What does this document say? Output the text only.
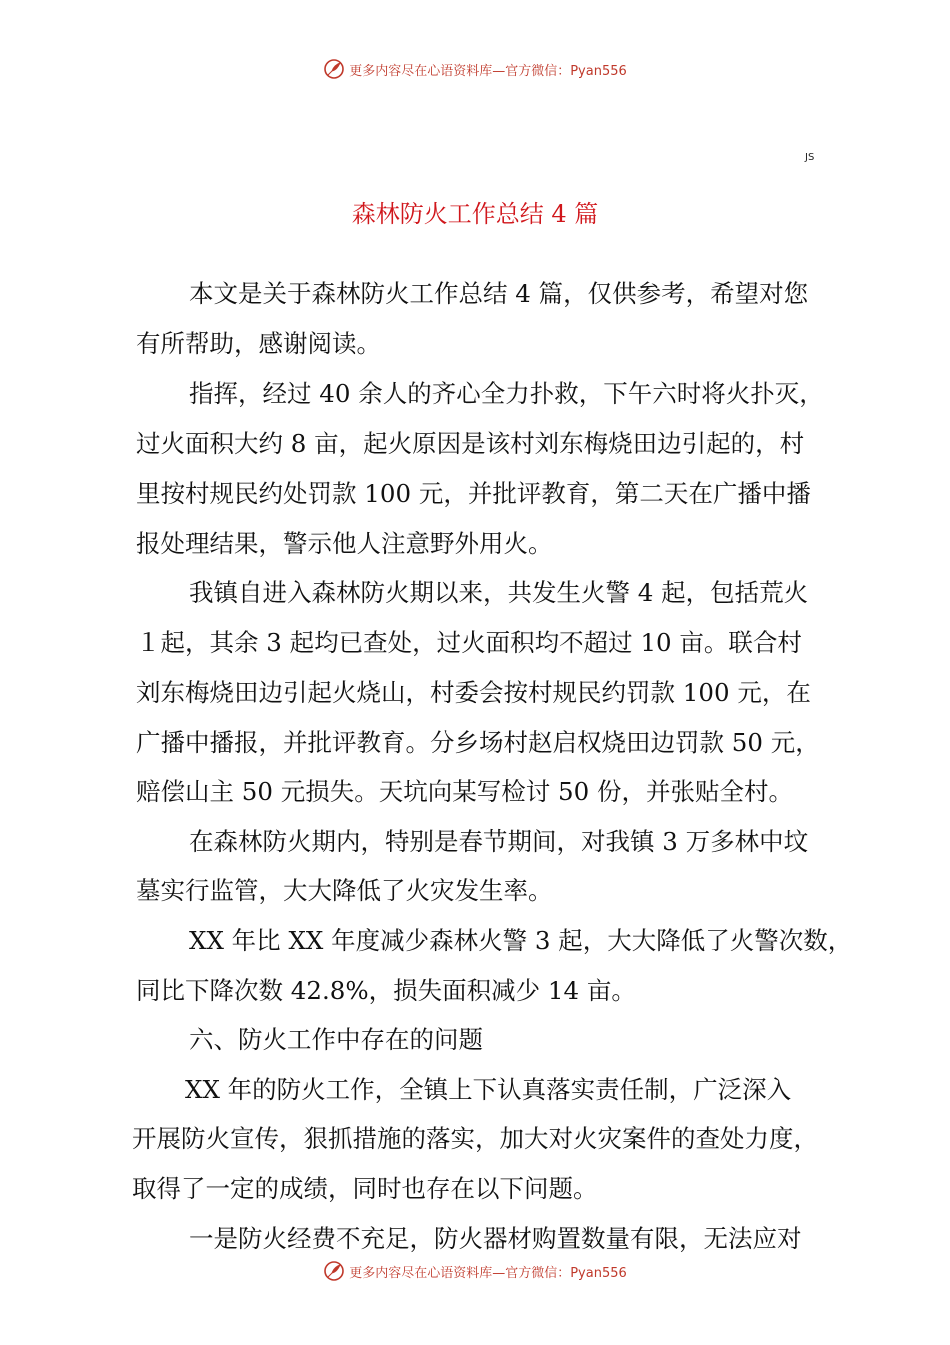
更多内容尽在心语资料库—官方微信：Pyan556
JS
森林防火工作总结 4 篇
本文是关于森林防火工作总结 4 篇，仅供参考，希望对您
有所帮助，感谢阅读。
指挥，经过 40 余人的齐心全力扑救，下午六时将火扑灭，
过火面积大约 8 亩，起火原因是该村刘东梅烧田边引起的，村
里按村规民约处罚款 100 元，并批评教育，第二天在广播中播
报处理结果，警示他人注意野外用火。
我镇自进入森林防火期以来，共发生火警 4 起，包括荒火
１起，其余 3 起均已查处，过火面积均不超过 10 亩。联合村
刘东梅烧田边引起火烧山，村委会按村规民约罚款 100 元，在
广播中播报，并批评教育。分乡场村赵启权烧田边罚款 50 元，
赔偿山主 50 元损失。天坑向某写检讨 50 份，并张贴全村。
在森林防火期内，特别是春节期间，对我镇 3 万多林中坟
墓实行监管，大大降低了火灾发生率。
XX 年比 XX 年度减少森林火警 3 起，大大降低了火警次数，
同比下降次数 42.8%，损失面积减少 14 亩。
六、防火工作中存在的问题
XX 年的防火工作，全镇上下认真落实责任制，广泛深入
开展防火宣传，狠抓措施的落实，加大对火灾案件的查处力度，
取得了一定的成绩，同时也存在以下问题。
一是防火经费不充足，防火器材购置数量有限，无法应对
更多内容尽在心语资料库—官方微信：Pyan556
